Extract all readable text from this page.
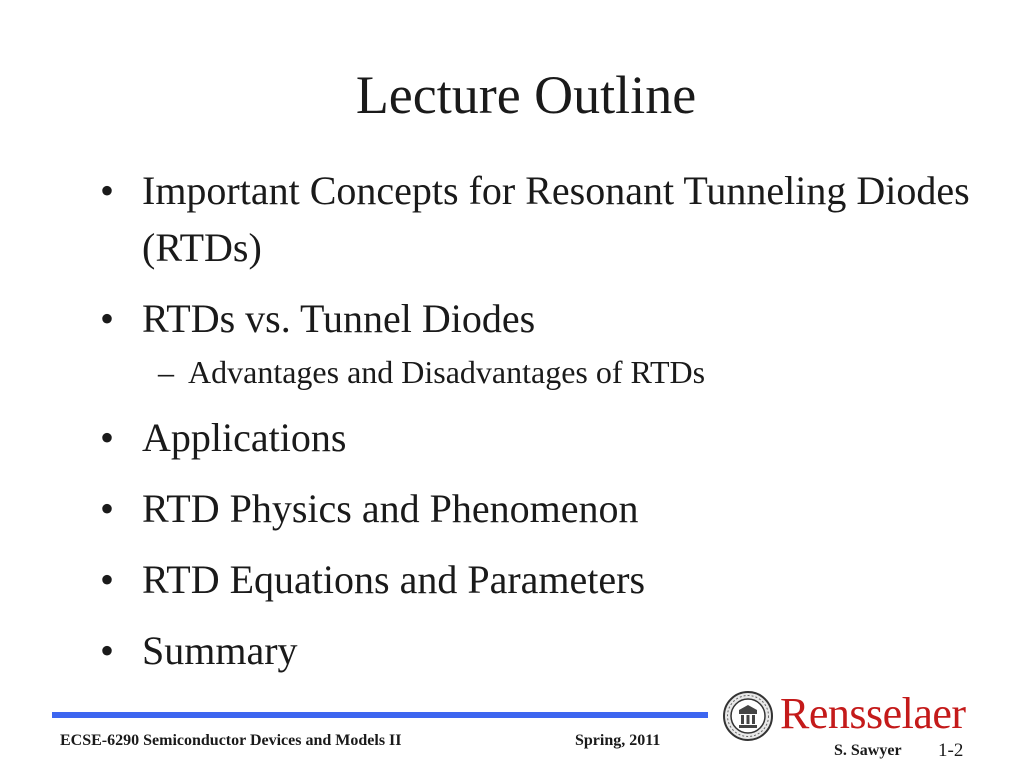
Lecture Outline
• Important Concepts for Resonant Tunneling Diodes (RTDs)
• RTDs vs. Tunnel Diodes
– Advantages and Disadvantages of RTDs
• Applications
• RTD Physics and Phenomenon
• RTD Equations and Parameters
• Summary
Rensselaer
ECSE-6290 Semiconductor Devices and Models II	Spring, 2011
S. Sawyer 1-2
